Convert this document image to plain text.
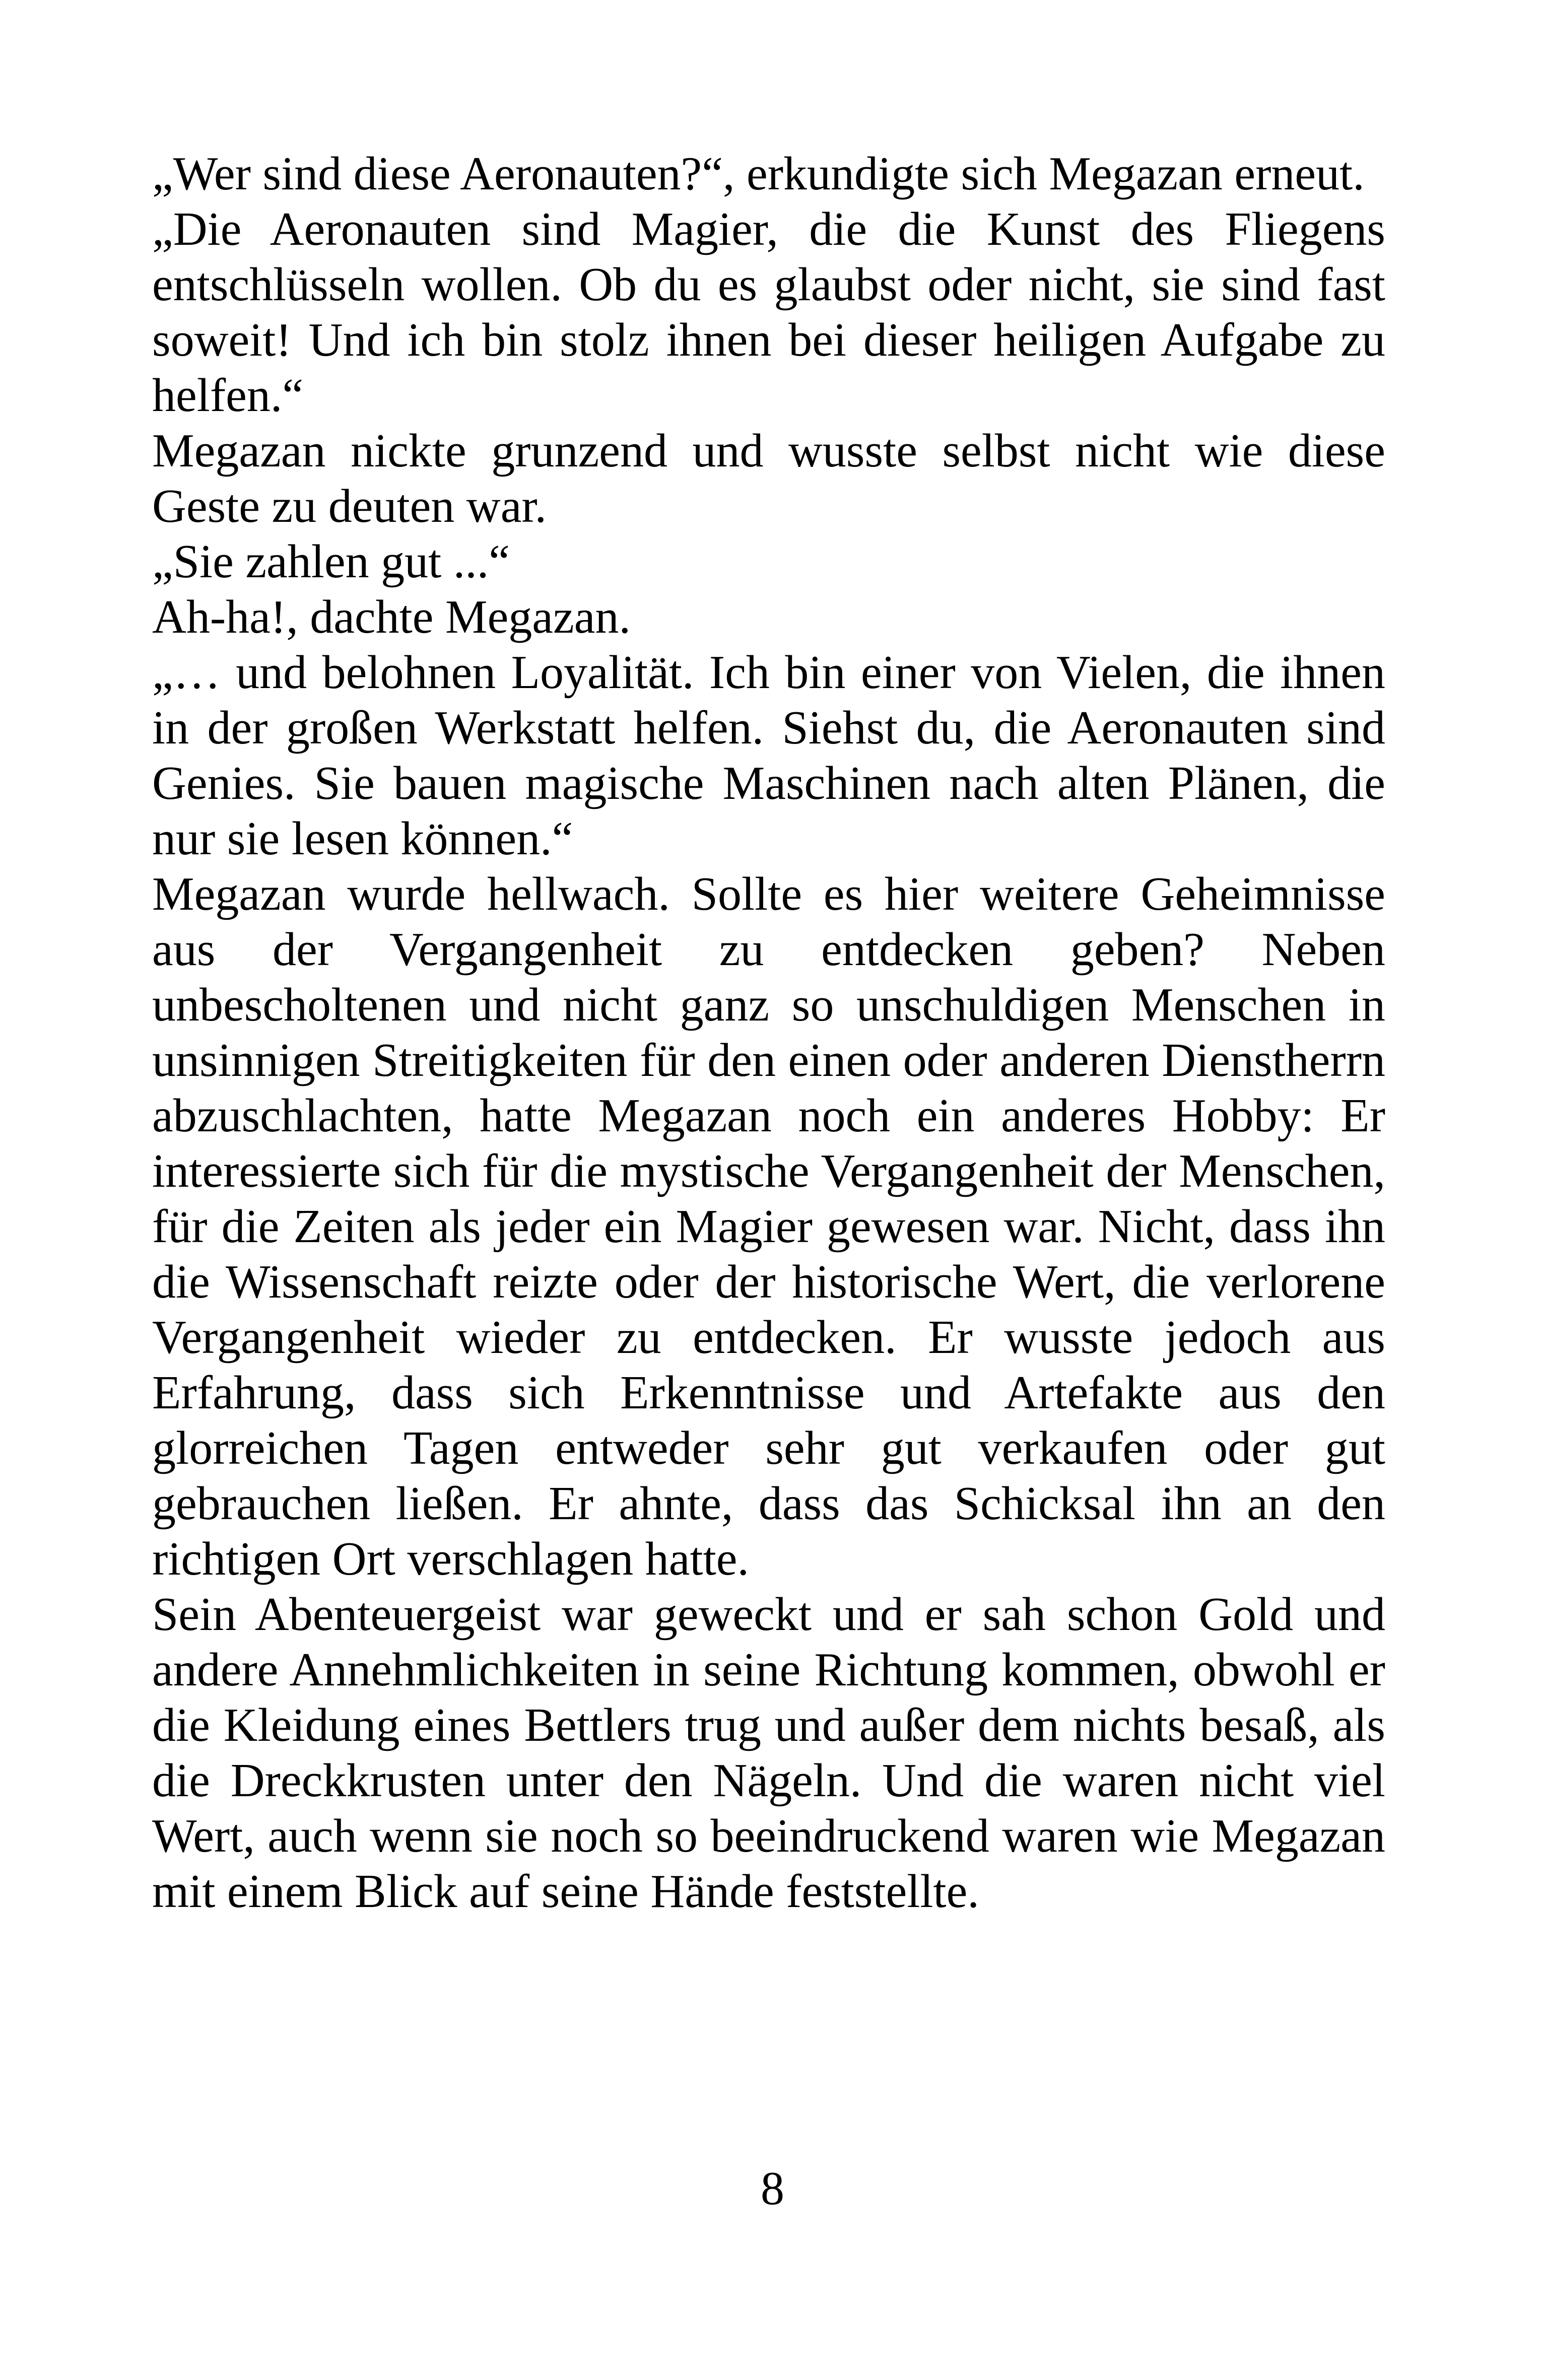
„Wer sind diese Aeronauten?“, erkundigte sich Megazan erneut.

„Die Aeronauten sind Magier, die die Kunst des Fliegens entschlüsseln wollen. Ob du es glaubst oder nicht, sie sind fast soweit! Und ich bin stolz ihnen bei dieser heiligen Aufgabe zu helfen.“

Megazan nickte grunzend und wusste selbst nicht wie diese Geste zu deuten war.

„Sie zahlen gut ...“

Ah-ha!, dachte Megazan.

„… und belohnen Loyalität. Ich bin einer von Vielen, die ihnen in der großen Werkstatt helfen. Siehst du, die Aeronauten sind Genies. Sie bauen magische Maschinen nach alten Plänen, die nur sie lesen können.“

Megazan wurde hellwach. Sollte es hier weitere Geheimnisse aus der Vergangenheit zu entdecken geben? Neben unbescholtenen und nicht ganz so unschuldigen Menschen in unsinnigen Streitigkeiten für den einen oder anderen Dienstherrn abzuschlachten, hatte Megazan noch ein anderes Hobby: Er interessierte sich für die mystische Vergangenheit der Menschen, für die Zeiten als jeder ein Magier gewesen war. Nicht, dass ihn die Wissenschaft reizte oder der historische Wert, die verlorene Vergangenheit wieder zu entdecken. Er wusste jedoch aus Erfahrung, dass sich Erkenntnisse und Artefakte aus den glorreichen Tagen entweder sehr gut verkaufen oder gut gebrauchen ließen. Er ahnte, dass das Schicksal ihn an den richtigen Ort verschlagen hatte.

Sein Abenteuergeist war geweckt und er sah schon Gold und andere Annehmlichkeiten in seine Richtung kommen, obwohl er die Kleidung eines Bettlers trug und außer dem nichts besaß, als die Dreckkrusten unter den Nägeln. Und die waren nicht viel Wert, auch wenn sie noch so beeindruckend waren wie Megazan mit einem Blick auf seine Hände feststellte.

8
